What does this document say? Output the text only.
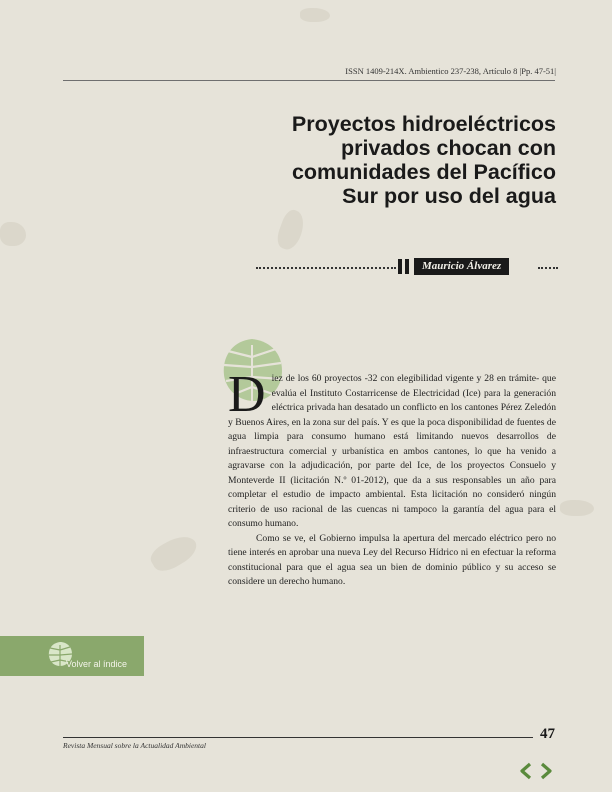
ISSN 1409-214X. Ambientico 237-238, Artículo 8 |Pp. 47-51|
Proyectos hidroeléctricos
privados chocan con
comunidades del Pacífico
Sur por uso del agua
Mauricio Álvarez

Diez de los 60 proyectos -32 con elegibilidad vigente y 28 en trámite- que evalúa el Instituto Costarricense de Electricidad (Ice) para la generación eléctrica privada han desatado un conflicto en los cantones Pérez Zeledón y Buenos Aires, en la zona sur del país. Y es que la poca disponibilidad de fuentes de agua limpia para consumo humano está limitando nuevos desarrollos de infraestructura comercial y urbanística en ambos cantones, lo que ha venido a agravarse con la adjudicación, por parte del Ice, de los proyectos Consuelo y Monteverde II (licitación N.º 01-2012), que da a sus responsables un año para completar el estudio de impacto ambiental. Esta licitación no consideró ningún criterio de uso racional de las cuencas ni tampoco la garantía del agua para el consumo humano.

Como se ve, el Gobierno impulsa la apertura del mercado eléctrico pero no tiene interés en aprobar una nueva Ley del Recurso Hídrico ni en efectuar la reforma constitucional para que el agua sea un bien de dominio público y su acceso se considere un derecho humano.

Volver al índice
47
Revista Mensual sobre la Actualidad Ambiental
